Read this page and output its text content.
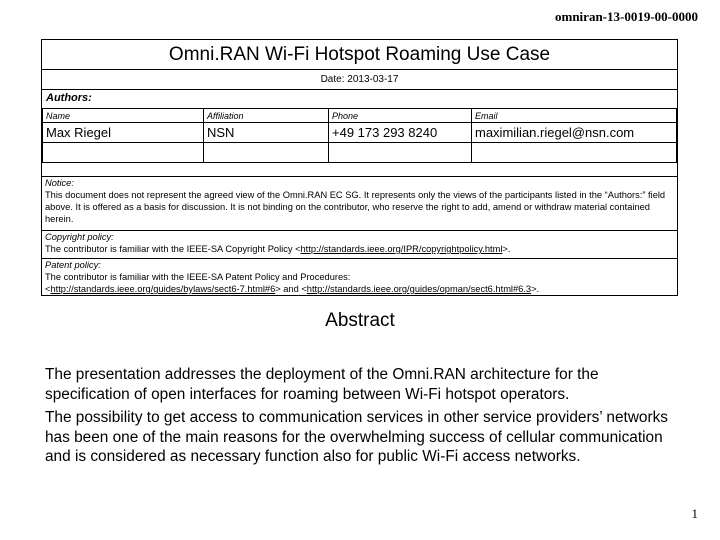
omniran-13-0019-00-0000
Omni.RAN Wi-Fi Hotspot Roaming Use Case
Date: 2013-03-17
Authors:
Name	Affiliation	Phone	Email
Max Riegel	NSN	+49 173 293 8240	maximilian.riegel@nsn.com

Notice:
This document does not represent the agreed view of the Omni.RAN EC SG. It represents only the views of the participants listed in the “Authors:” field above. It is offered as a basis for discussion. It is not binding on the contributor, who reserve the right to add, amend or withdraw material contained herein.
Copyright policy:
The contributor is familiar with the IEEE-SA Copyright Policy <http://standards.ieee.org/IPR/copyrightpolicy.html>.
Patent policy:
The contributor is familiar with the IEEE-SA Patent Policy and Procedures:
<http://standards.ieee.org/guides/bylaws/sect6-7.html#6> and <http://standards.ieee.org/guides/opman/sect6.html#6.3>.
Abstract
The presentation addresses the deployment of the Omni.RAN architecture for the specification of open interfaces for roaming between Wi-Fi hotspot operators.
The possibility to get access to communication services in other service providers’ networks has been one of the main reasons for the overwhelming success of cellular communication and is considered as necessary function also for public Wi-Fi access networks.
1
